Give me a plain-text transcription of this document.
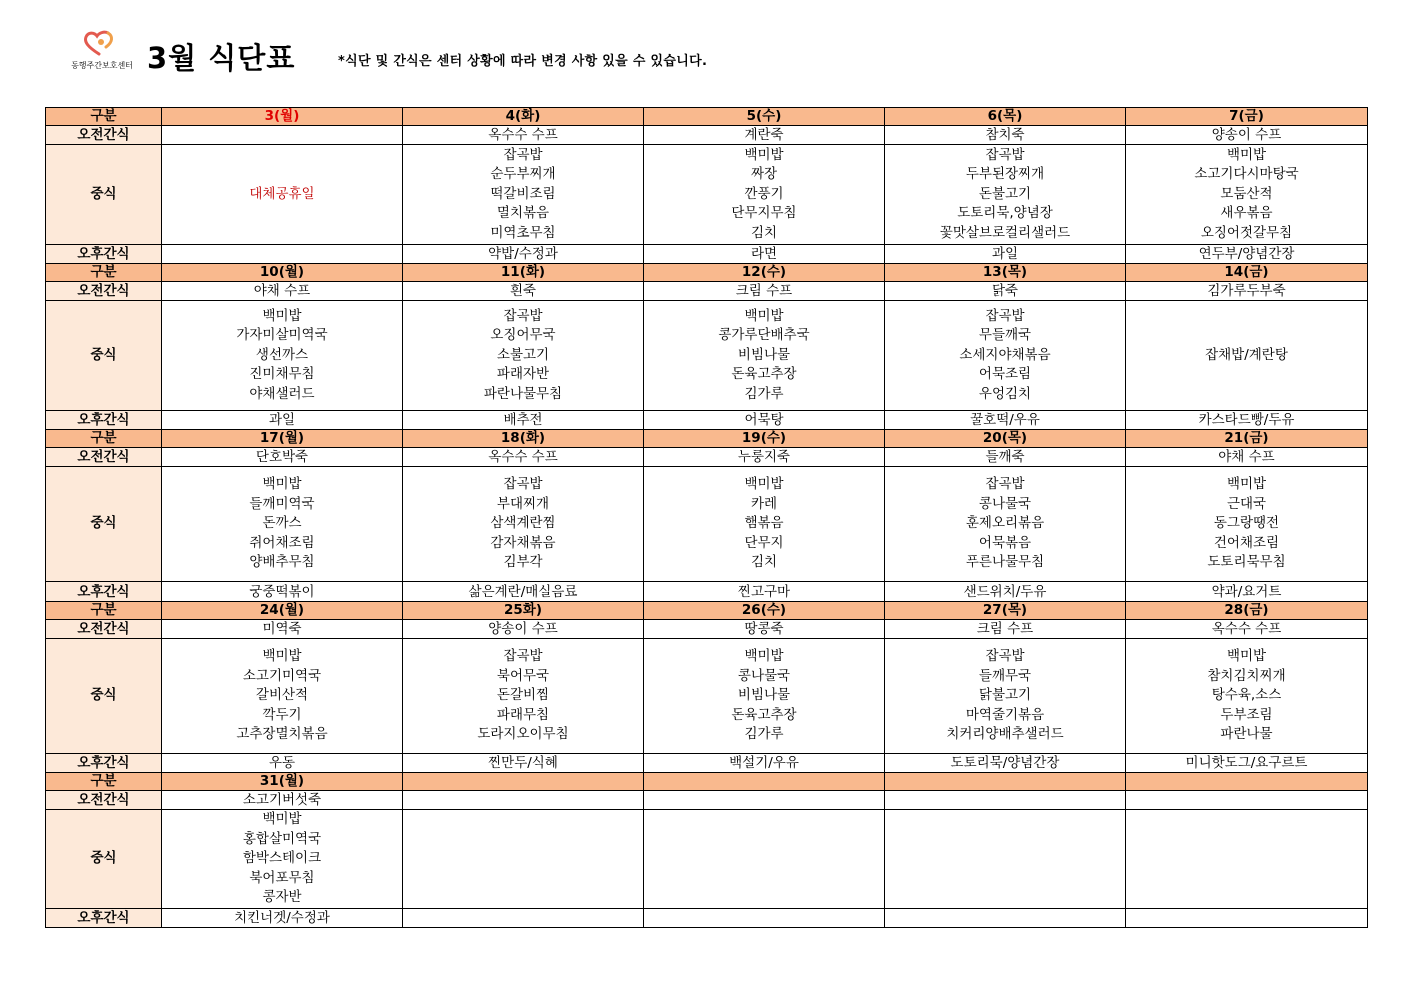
동행주간보호센터 3월 식단표	*식단 및 간식은 센터 상황에 따라 변경 사항 있을 수 있습니다.
구분	3(월)	4(화)	5(수)	6(목)	7(금)
오전간식		옥수수 수프	계란죽	참치죽	양송이 수프
중식	대체공휴일	잡곡밥
순두부찌개
떡갈비조림
멸치볶음
미역초무침	백미밥
짜장
깐풍기
단무지무침
김치	잡곡밥
두부된장찌개
돈불고기
도토리묵,양념장
꽃맛살브로컬리샐러드	백미밥
소고기다시마탕국
모둠산적
새우볶음
오징어젓갈무침

오후간식		약밥/수정과	라면	과일	연두부/양념간장
구분	10(월)	11(화)	12(수)	13(목)	14(금)
오전간식	야채 수프	흰죽	크림 수프	닭죽	김가루두부죽
중식	백미밥
가자미살미역국
생선까스
진미채무침
야채샐러드	잡곡밥
오징어무국
소불고기
파래자반
파란나물무침	백미밥
콩가루단배추국
비빔나물
돈육고추장
김가루	잡곡밥
무들깨국
소세지야채볶음
어묵조림
우엉김치	잡채밥/계란탕

오후간식	과일	배추전	어묵탕	꿀호떡/우유	카스타드빵/두유
구분	17(월)	18(화)	19(수)	20(목)	21(금)
오전간식	단호박죽	옥수수 수프	누룽지죽	들깨죽	야채 수프
중식	백미밥
들깨미역국
돈까스
쥐어채조림
양배추무침	잡곡밥
부대찌개
삼색계란찜
감자채볶음
김부각	백미밥
카레
햄볶음
단무지
김치	잡곡밥
콩나물국
훈제오리볶음
어묵볶음
푸른나물무침	백미밥
근대국
동그랑땡전
건어채조림
도토리묵무침

오후간식	궁중떡볶이	삶은계란/매실음료	찐고구마	샌드위치/두유	약과/요거트
구분	24(월)	25화)	26(수)	27(목)	28(금)
오전간식	미역죽	양송이 수프	땅콩죽	크림 수프	옥수수 수프
중식	백미밥
소고기미역국
갈비산적
깍두기
고추장멸치볶음	잡곡밥
북어무국
돈갈비찜
파래무침
도라지오이무침	백미밥
콩나물국
비빔나물
돈육고추장
김가루	잡곡밥
들깨무국
닭불고기
마역줄기볶음
치커리양배추샐러드	백미밥
참치김치찌개
탕수육,소스
두부조림
파란나물

오후간식	우동	찐만두/식혜	백설기/우유	도토리묵/양념간장	미니핫도그/요구르트
구분	31(월)				
오전간식	소고기버섯죽				
중식	백미밥
홍합살미역국
함박스테이크
북어포무침
콩자반				

오후간식	치킨너겟/수정과				
